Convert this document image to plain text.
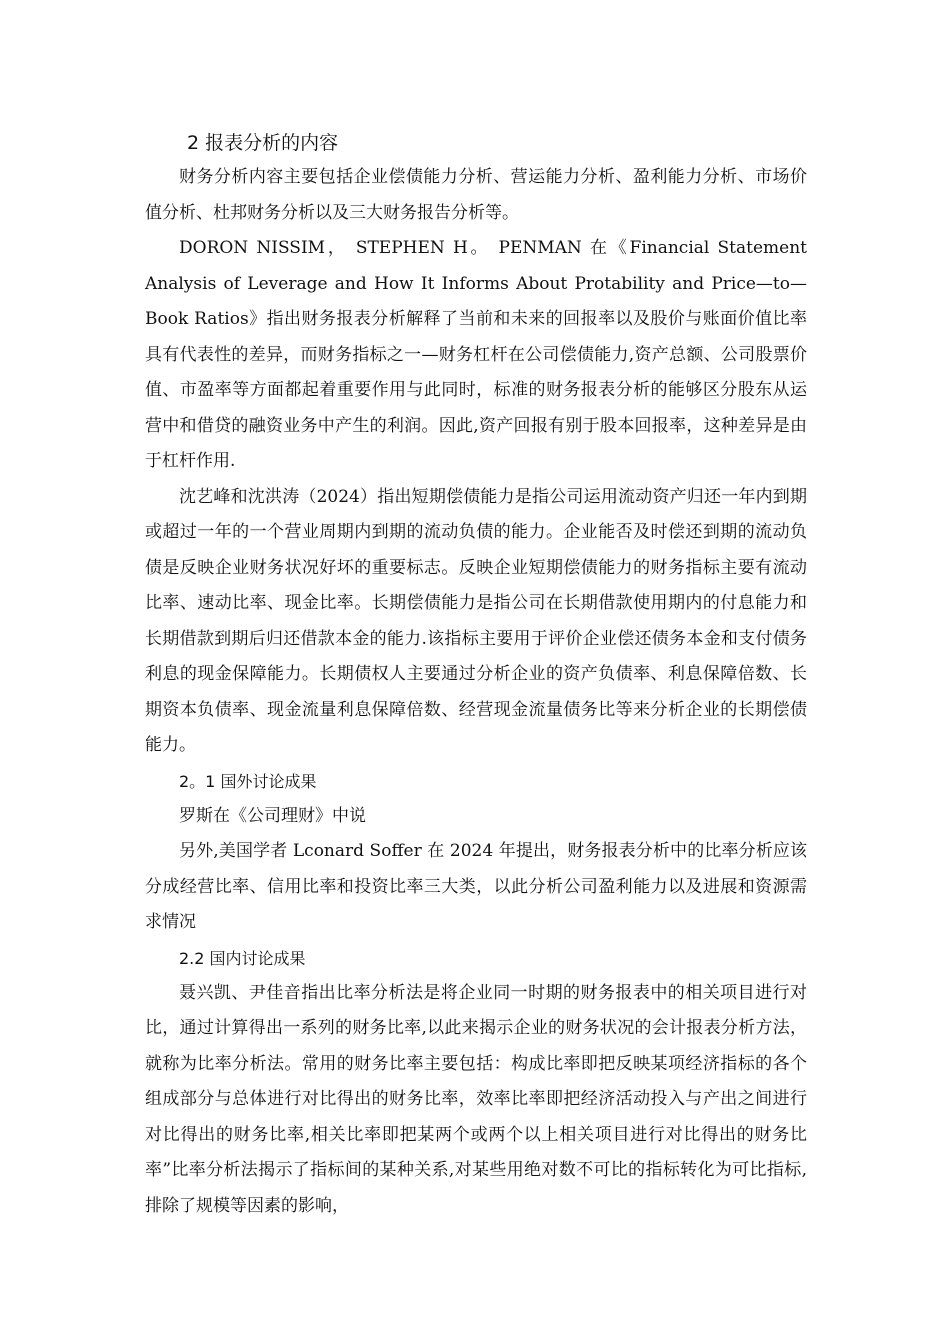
2 报表分析的内容

财务分析内容主要包括企业偿债能力分析、营运能力分析、盈利能力分析、市场价值分析、杜邦财务分析以及三大财务报告分析等。

DORON NISSIM， STEPHEN H。 PENMAN 在《Financial Statement Analysis of Leverage and How It Informs About Protability and Price—to—Book Ratios》指出财务报表分析解释了当前和未来的回报率以及股价与账面价值比率具有代表性的差异，而财务指标之一—财务杠杆在公司偿债能力,资产总额、公司股票价值、市盈率等方面都起着重要作用与此同时，标准的财务报表分析的能够区分股东从运营中和借贷的融资业务中产生的利润。因此,资产回报有别于股本回报率，这种差异是由于杠杆作用.

沈艺峰和沈洪涛（2024）指出短期偿债能力是指公司运用流动资产归还一年内到期或超过一年的一个营业周期内到期的流动负债的能力。企业能否及时偿还到期的流动负债是反映企业财务状况好坏的重要标志。反映企业短期偿债能力的财务指标主要有流动比率、速动比率、现金比率。长期偿债能力是指公司在长期借款使用期内的付息能力和长期借款到期后归还借款本金的能力.该指标主要用于评价企业偿还债务本金和支付债务利息的现金保障能力。长期债权人主要通过分析企业的资产负债率、利息保障倍数、长期资本负债率、现金流量利息保障倍数、经营现金流量债务比等来分析企业的长期偿债能力。

2。1 国外讨论成果

罗斯在《公司理财》中说

另外,美国学者 Lconard Soffer 在 2024 年提出，财务报表分析中的比率分析应该分成经营比率、信用比率和投资比率三大类，以此分析公司盈利能力以及进展和资源需求情况

2.2 国内讨论成果

聂兴凯、尹佳音指出比率分析法是将企业同一时期的财务报表中的相关项目进行对比，通过计算得出一系列的财务比率,以此来揭示企业的财务状况的会计报表分析方法，就称为比率分析法。常用的财务比率主要包括：构成比率即把反映某项经济指标的各个组成部分与总体进行对比得出的财务比率，效率比率即把经济活动投入与产出之间进行对比得出的财务比率,相关比率即把某两个或两个以上相关项目进行对比得出的财务比率”比率分析法揭示了指标间的某种关系,对某些用绝对数不可比的指标转化为可比指标,排除了规模等因素的影响，
